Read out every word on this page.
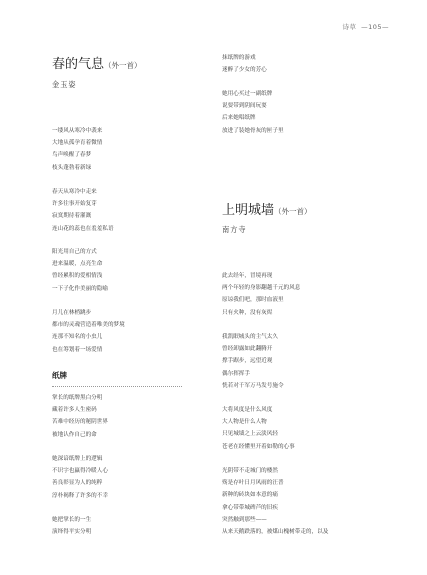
诗草 —105—
春的气息（外一首）
金玉姿
一缕风从寒冷中袭来
大地从孤孕育着微情
鸟声唤醒了春梦
枝头蓬勃着新绿
春天从寒冷中走来
许多往事开始复芽
寂寞期待着灌溉
连山花的蕊也在羞羞私语
阳光用自己的方式
进来温暖，点亮生命
曾经累积的爱相情浅
一下子化作美丽的隐喻
月儿在林梢跳步
都市的灵魂营造着唯美的梦境
连那不知名的小虫儿
也在筹划着一场爱情
纸牌
掌长的纸牌黑白分明
藏着许多人生密码
苦难中经历的秘阴世界
被地认作自己的命
她深谙纸牌上的逻辑
不识字也赢得冷暖人心
善良彰显为人的纯粹
淳朴褐释了许多的不幸
她把掌长的一生
演绎得平实分明
抹纸牌的游戏
迷醉了少女的芳心
她用心买过一副纸牌
说要带到阴间玩耍
后来她唱纸牌
放进了装她骨灰的匣子里
上明城墙（外一首）
南方寺
此去经年，冒境再现
两个年轻的身影翻越千元的风息
原谅我们吧，那时血液里
只有火种，没有灰烬
我凯眠城头的主气太久
曾经卸露如此翻腾开
撑手踞步，远望近观
偶尔挥挥手
恍若对千军万马发号施令
大将风度是什么风度
大人物是什么人物
只见城墙之上云淡风轻
苍老在经懂里开着如勒的心事
光阴带不走城门的楼然
殇是存叶日月风雨的汪普
新种的砖块如本意的痛
拿心带带城碑芦的旧疾
突然触到那些——
从来天鹅跌落的，被煤山槐树带走的，以及
